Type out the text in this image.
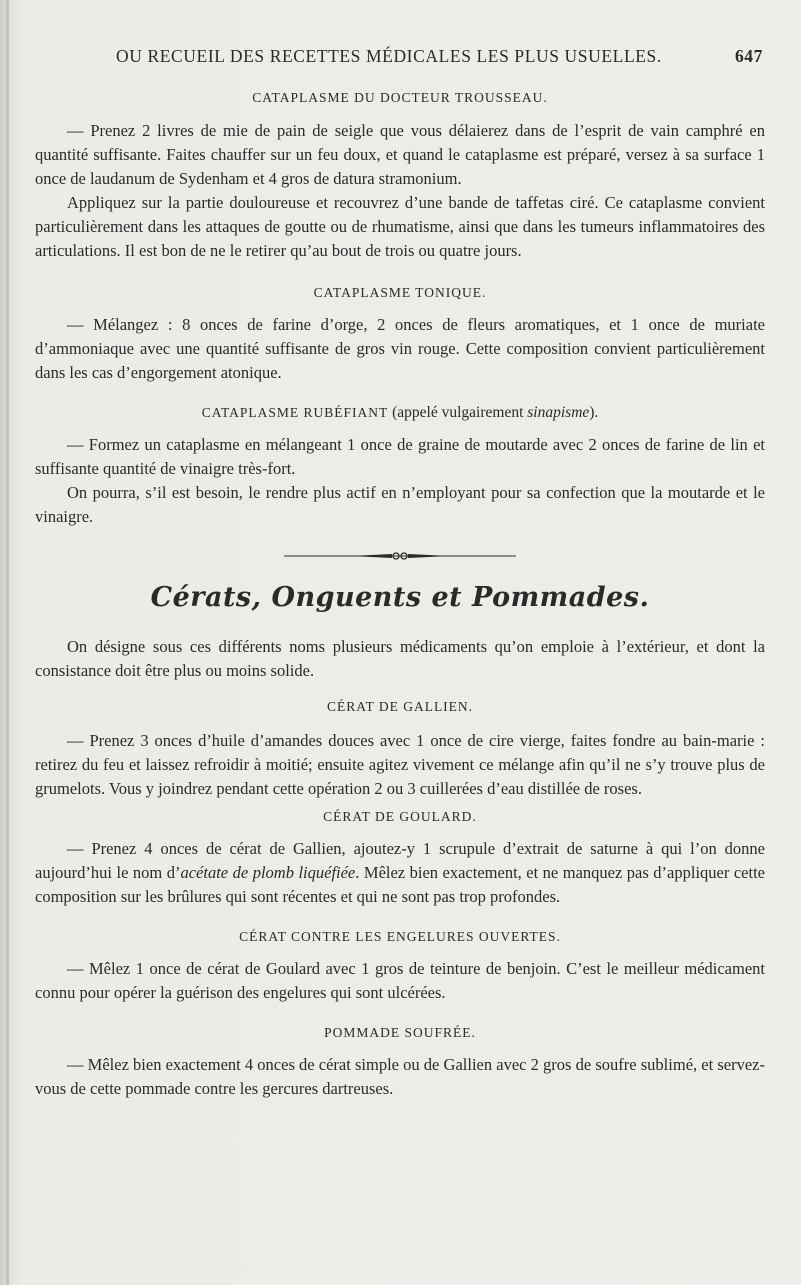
OU RECUEIL DES RECETTES MÉDICALES LES PLUS USUELLES.	647
CATAPLASME DU DOCTEUR TROUSSEAU.

— Prenez 2 livres de mie de pain de seigle que vous délaierez dans de l’esprit de vain camphré en quantité suffisante. Faites chauffer sur un feu doux, et quand le cataplasme est préparé, versez à sa surface 1 once de laudanum de Sydenham et 4 gros de datura stramonium.

Appliquez sur la partie douloureuse et recouvrez d’une bande de taffetas ciré. Ce cataplasme convient particulièrement dans les attaques de goutte ou de rhumatisme, ainsi que dans les tumeurs inflammatoires des articulations. Il est bon de ne le retirer qu’au bout de trois ou quatre jours.

CATAPLASME TONIQUE.

— Mélangez : 8 onces de farine d’orge, 2 onces de fleurs aromatiques, et 1 once de muriate d’ammoniaque avec une quantité suffisante de gros vin rouge. Cette composition convient particulièrement dans les cas d’engorgement atonique.

CATAPLASME RUBÉFIANT (appelé vulgairement sinapisme).

— Formez un cataplasme en mélangeant 1 once de graine de moutarde avec 2 onces de farine de lin et suffisante quantité de vinaigre très-fort.

On pourra, s’il est besoin, le rendre plus actif en n’employant pour sa confection que la moutarde et le vinaigre.

Cérats, Onguents et Pommades.

On désigne sous ces différents noms plusieurs médicaments qu’on emploie à l’extérieur, et dont la consistance doit être plus ou moins solide.

CÉRAT DE GALLIEN.

— Prenez 3 onces d’huile d’amandes douces avec 1 once de cire vierge, faites fondre au bain-marie : retirez du feu et laissez refroidir à moitié; ensuite agitez vivement ce mélange afin qu’il ne s’y trouve plus de grumelots. Vous y joindrez pendant cette opération 2 ou 3 cuillerées d’eau distillée de roses.

CÉRAT DE GOULARD.

— Prenez 4 onces de cérat de Gallien, ajoutez-y 1 scrupule d’extrait de saturne à qui l’on donne aujourd’hui le nom d’acétate de plomb liquéfiée. Mêlez bien exactement, et ne manquez pas d’appliquer cette composition sur les brûlures qui sont récentes et qui ne sont pas trop profondes.

CÉRAT CONTRE LES ENGELURES OUVERTES.

— Mêlez 1 once de cérat de Goulard avec 1 gros de teinture de benjoin. C’est le meilleur médicament connu pour opérer la guérison des engelures qui sont ulcérées.

POMMADE SOUFRÉE.

— Mêlez bien exactement 4 onces de cérat simple ou de Gallien avec 2 gros de soufre sublimé, et servez-vous de cette pommade contre les gercures dartreuses.
